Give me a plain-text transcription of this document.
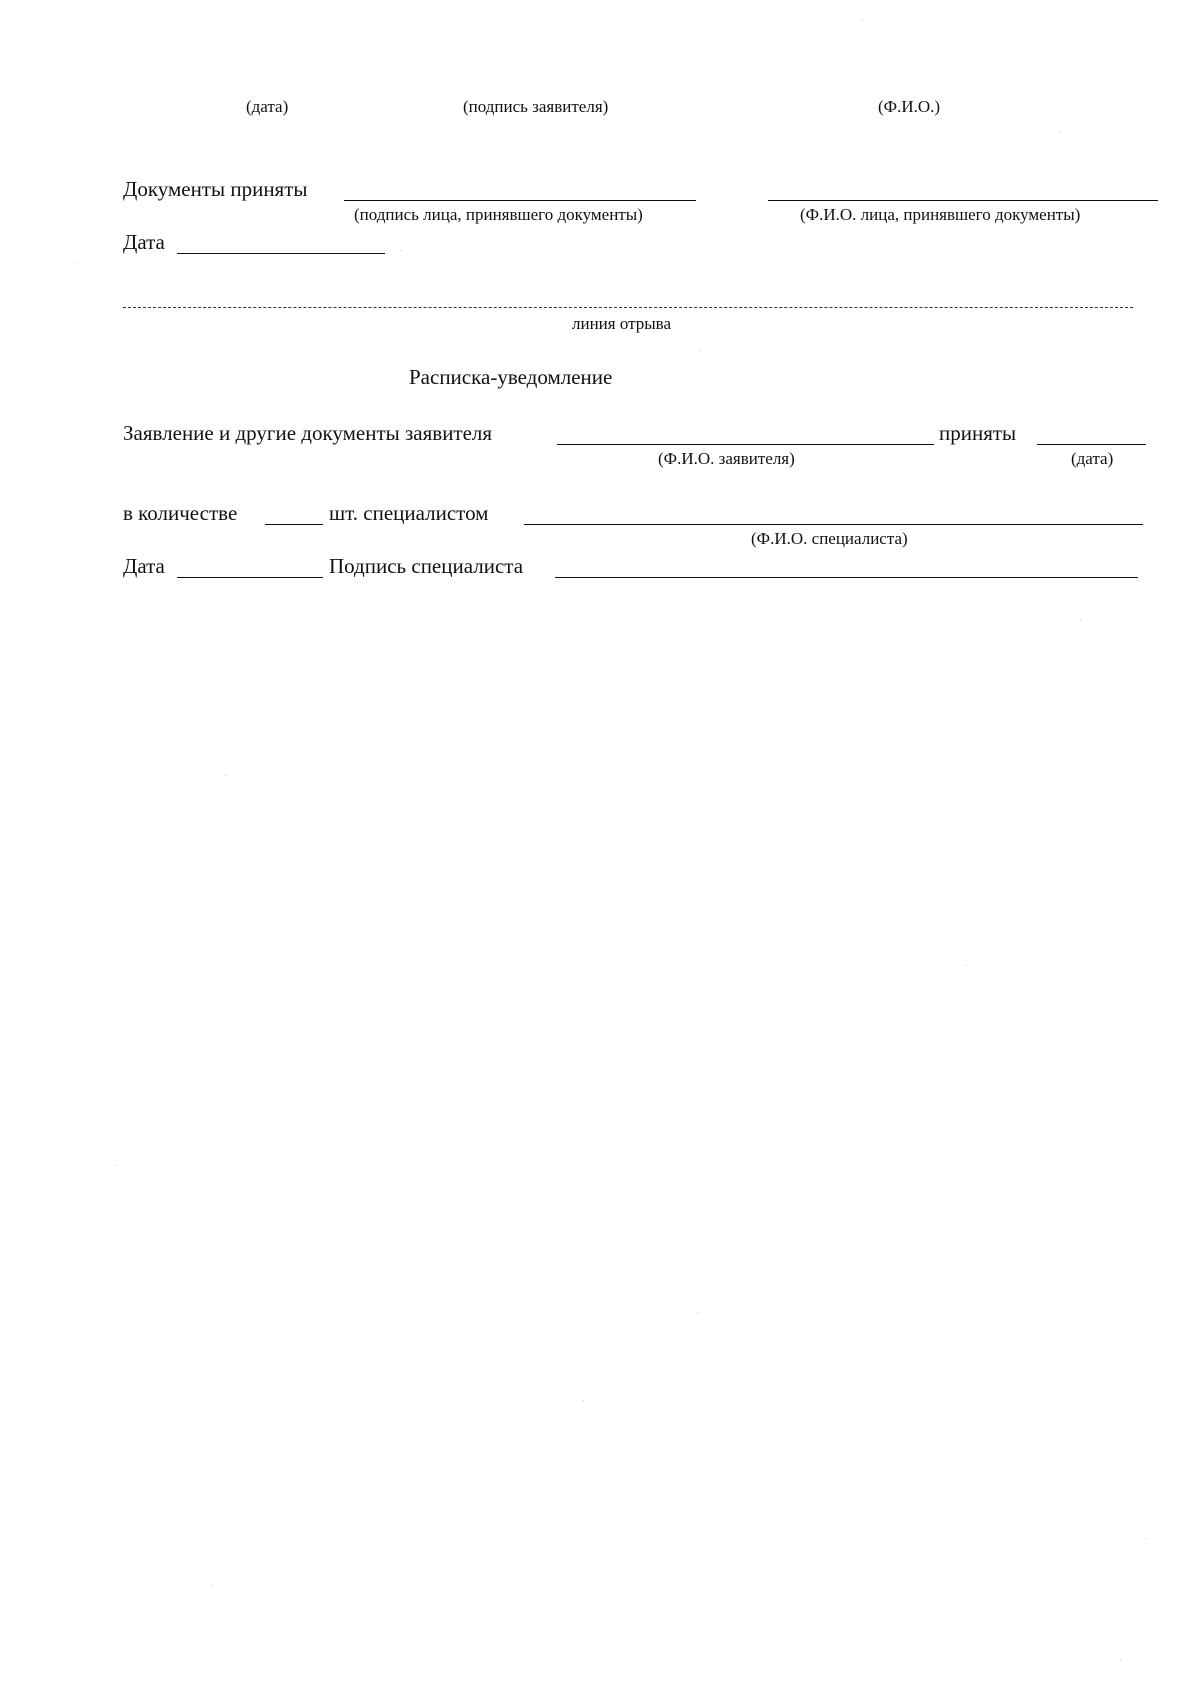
(дата)	(подпись заявителя)	(Ф.И.О.)
Документы приняты
(подпись лица, принявшего документы)	(Ф.И.О. лица, принявшего документы)
Дата
линия отрыва
Расписка-уведомление
Заявление и другие документы заявителя	приняты
(Ф.И.О. заявителя)	(дата)
в количестве	шт. специалистом
(Ф.И.О. специалиста)
Дата	Подпись специалиста
